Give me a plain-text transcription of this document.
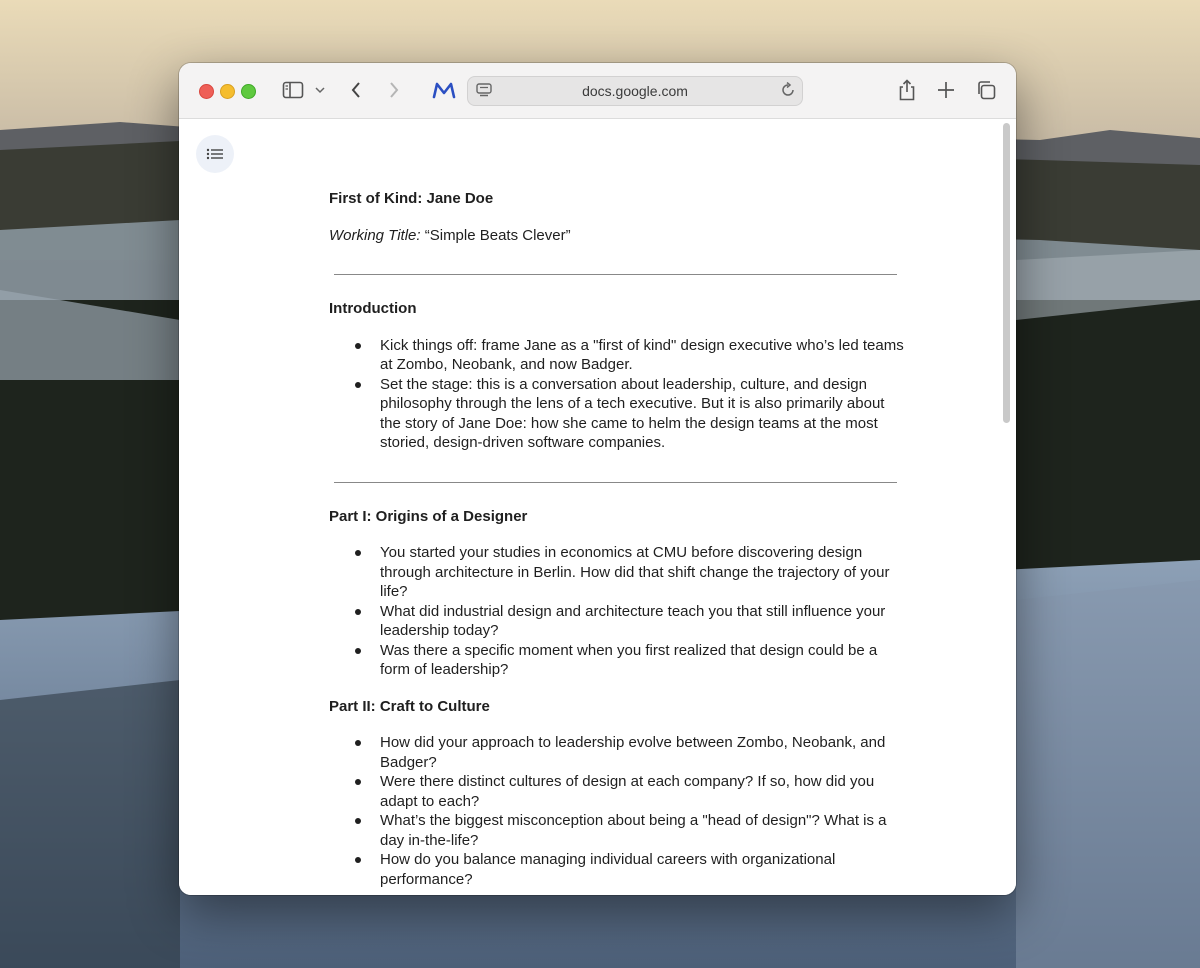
docs.google.com

First of Kind: Jane Doe

Working Title: “Simple Beats Clever”

Introduction

Kick things off: frame Jane as a "first of kind" design executive who’s led teams at Zombo, Neobank, and now Badger.
Set the stage: this is a conversation about leadership, culture, and design philosophy through the lens of a tech executive. But it is also primarily about the story of Jane Doe: how she came to helm the design teams at the most storied, design-driven software companies.

Part I: Origins of a Designer

You started your studies in economics at CMU before discovering design through architecture in Berlin. How did that shift change the trajectory of your life?
What did industrial design and architecture teach you that still influence your leadership today?
Was there a specific moment when you first realized that design could be a form of leadership?

Part II: Craft to Culture

How did your approach to leadership evolve between Zombo, Neobank, and Badger?
Were there distinct cultures of design at each company? If so, how did you adapt to each?
What’s the biggest misconception about being a "head of design"? What is a day in-the-life?
How do you balance managing individual careers with organizational performance?
